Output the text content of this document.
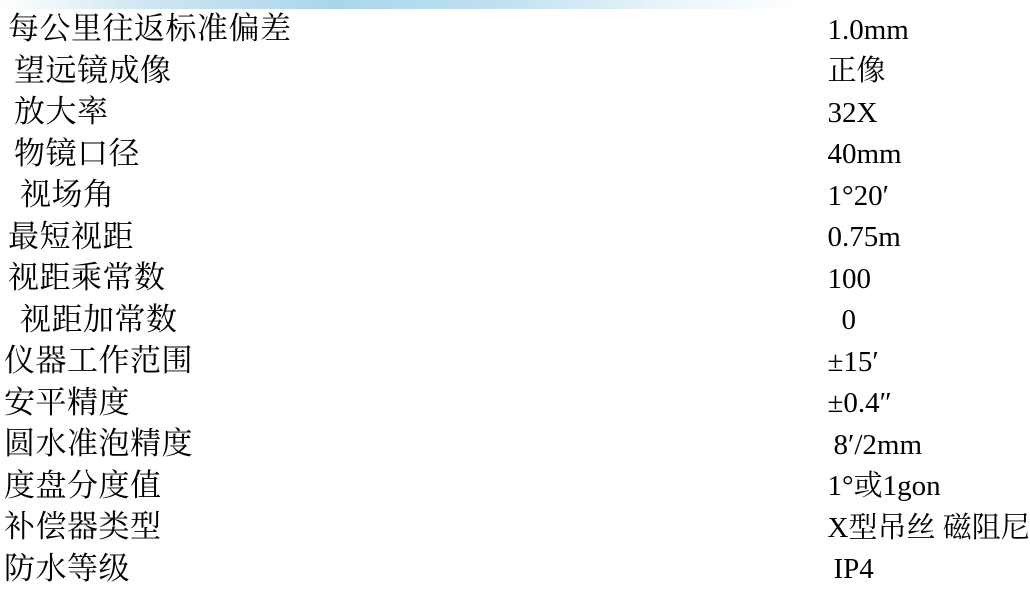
每公里往返标准偏差	1.0mm
望远镜成像	正像
放大率	32X
物镜口径	40mm
视场角	1°20′
最短视距	0.75m
视距乘常数	100
视距加常数	0
仪器工作范围	±15′
安平精度	±0.4″
圆水准泡精度	8′/2mm
度盘分度值	1°或1gon
补偿器类型	X型吊丝 磁阻尼
防水等级	IP4
